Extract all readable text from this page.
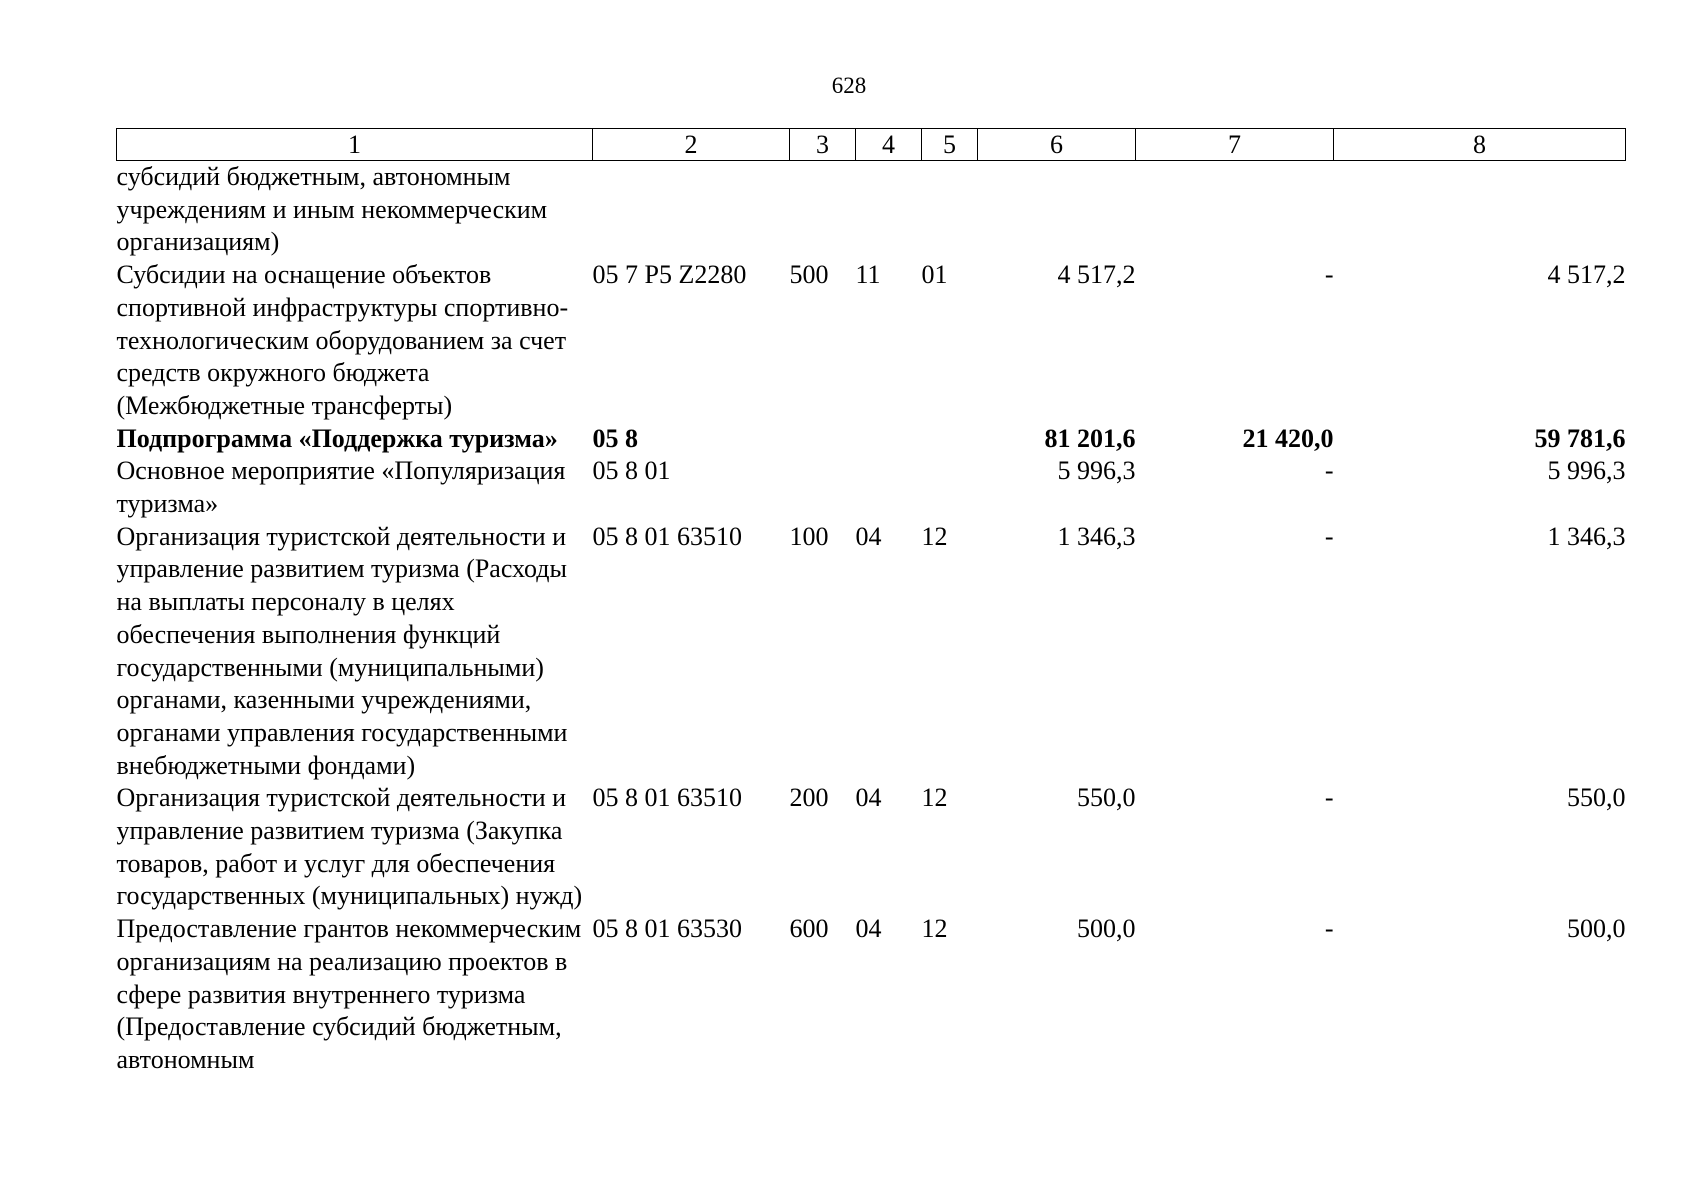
628
1	2	3	4	5	6	7	8
субсидий бюджетным, автономным учреждениям и иным некоммерческим организациям)							
Субсидии на оснащение объектов спортивной инфраструктуры спортивно-технологическим оборудованием за счет средств окружного бюджета (Межбюджетные трансферты)	05 7 P5 Z2280	500	11	01	4 517,2	-	4 517,2
Подпрограмма «Поддержка туризма»	05 8				81 201,6	21 420,0	59 781,6
Основное мероприятие «Популяризация туризма»	05 8 01				5 996,3	-	5 996,3
Организация туристской деятельности и управление развитием туризма (Расходы на выплаты персоналу в целях обеспечения выполнения функций государственными (муниципальными) органами, казенными учреждениями, органами управления государственными внебюджетными фондами)	05 8 01 63510	100	04	12	1 346,3	-	1 346,3
Организация туристской деятельности и управление развитием туризма (Закупка товаров, работ и услуг для обеспечения государственных (муниципальных) нужд)	05 8 01 63510	200	04	12	550,0	-	550,0
Предоставление грантов некоммерческим организациям на реализацию проектов в сфере развития внутреннего туризма (Предоставление субсидий бюджетным, автономным	05 8 01 63530	600	04	12	500,0	-	500,0
